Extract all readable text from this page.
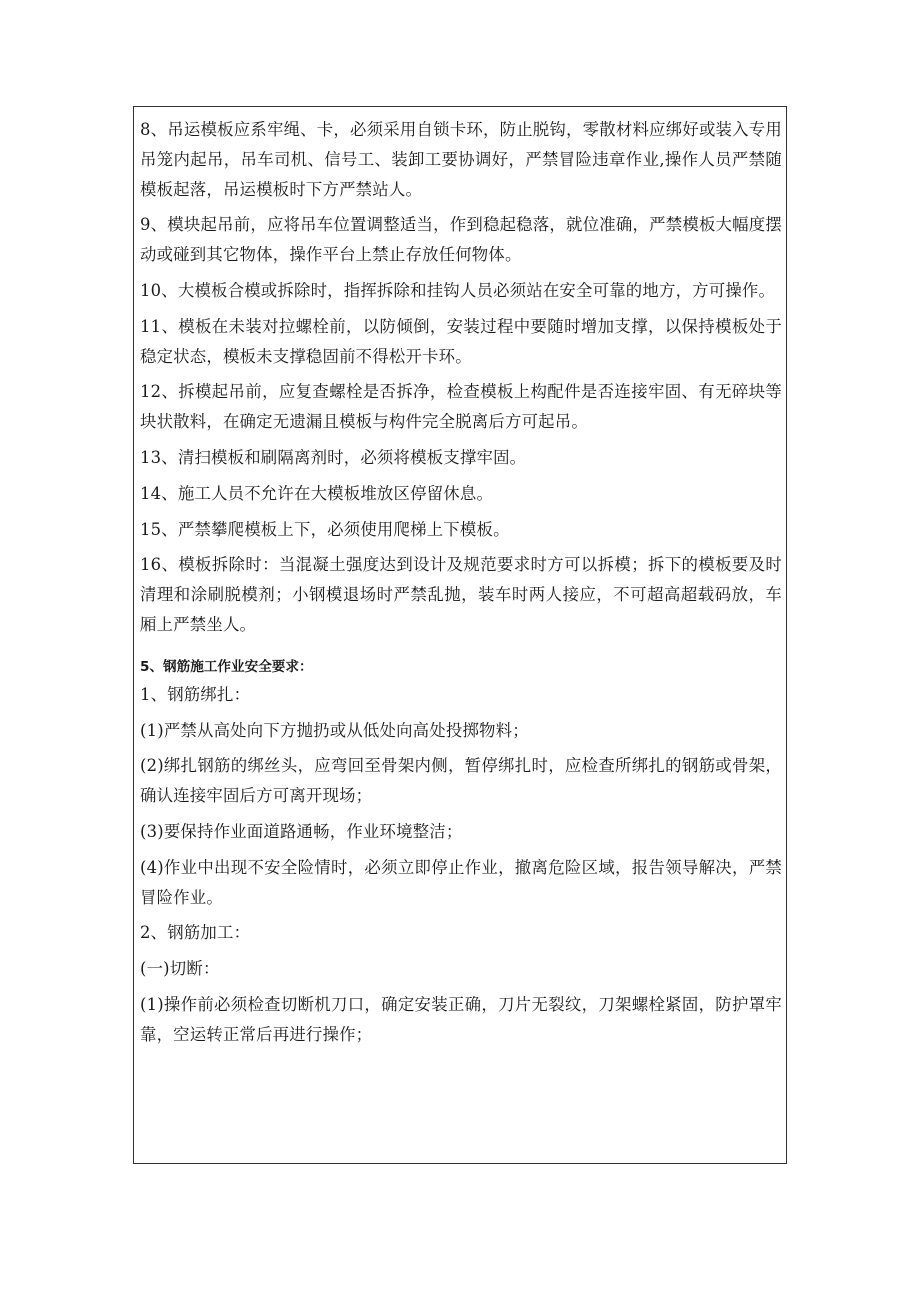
8、吊运模板应系牢绳、卡，必须采用自锁卡环，防止脱钩，零散材料应绑好或装入专用吊笼内起吊，吊车司机、信号工、装卸工要协调好，严禁冒险违章作业,操作人员严禁随模板起落，吊运模板时下方严禁站人。

9、模块起吊前，应将吊车位置调整适当，作到稳起稳落，就位准确，严禁模板大幅度摆动或碰到其它物体，操作平台上禁止存放任何物体。

10、大模板合模或拆除时，指挥拆除和挂钩人员必须站在安全可靠的地方，方可操作。

11、模板在未装对拉螺栓前，以防倾倒，安装过程中要随时增加支撑，以保持模板处于稳定状态，模板未支撑稳固前不得松开卡环。

12、拆模起吊前，应复查螺栓是否拆净，检查模板上构配件是否连接牢固、有无碎块等块状散料，在确定无遗漏且模板与构件完全脱离后方可起吊。

13、清扫模板和刷隔离剂时，必须将模板支撑牢固。

14、施工人员不允许在大模板堆放区停留休息。

15、严禁攀爬模板上下，必须使用爬梯上下模板。

16、模板拆除时：当混凝土强度达到设计及规范要求时方可以拆模；拆下的模板要及时清理和涂刷脱模剂；小钢模退场时严禁乱抛，装车时两人接应，不可超高超载码放，车厢上严禁坐人。

5、钢筋施工作业安全要求：

1、钢筋绑扎：

(1)严禁从高处向下方抛扔或从低处向高处投掷物料；

(2)绑扎钢筋的绑丝头，应弯回至骨架内侧，暂停绑扎时，应检查所绑扎的钢筋或骨架，确认连接牢固后方可离开现场；

(3)要保持作业面道路通畅，作业环境整洁；

(4)作业中出现不安全险情时，必须立即停止作业，撤离危险区域，报告领导解决，严禁冒险作业。

2、钢筋加工：

(一)切断：

(1)操作前必须检查切断机刀口，确定安装正确，刀片无裂纹，刀架螺栓紧固，防护罩牢靠，空运转正常后再进行操作；
